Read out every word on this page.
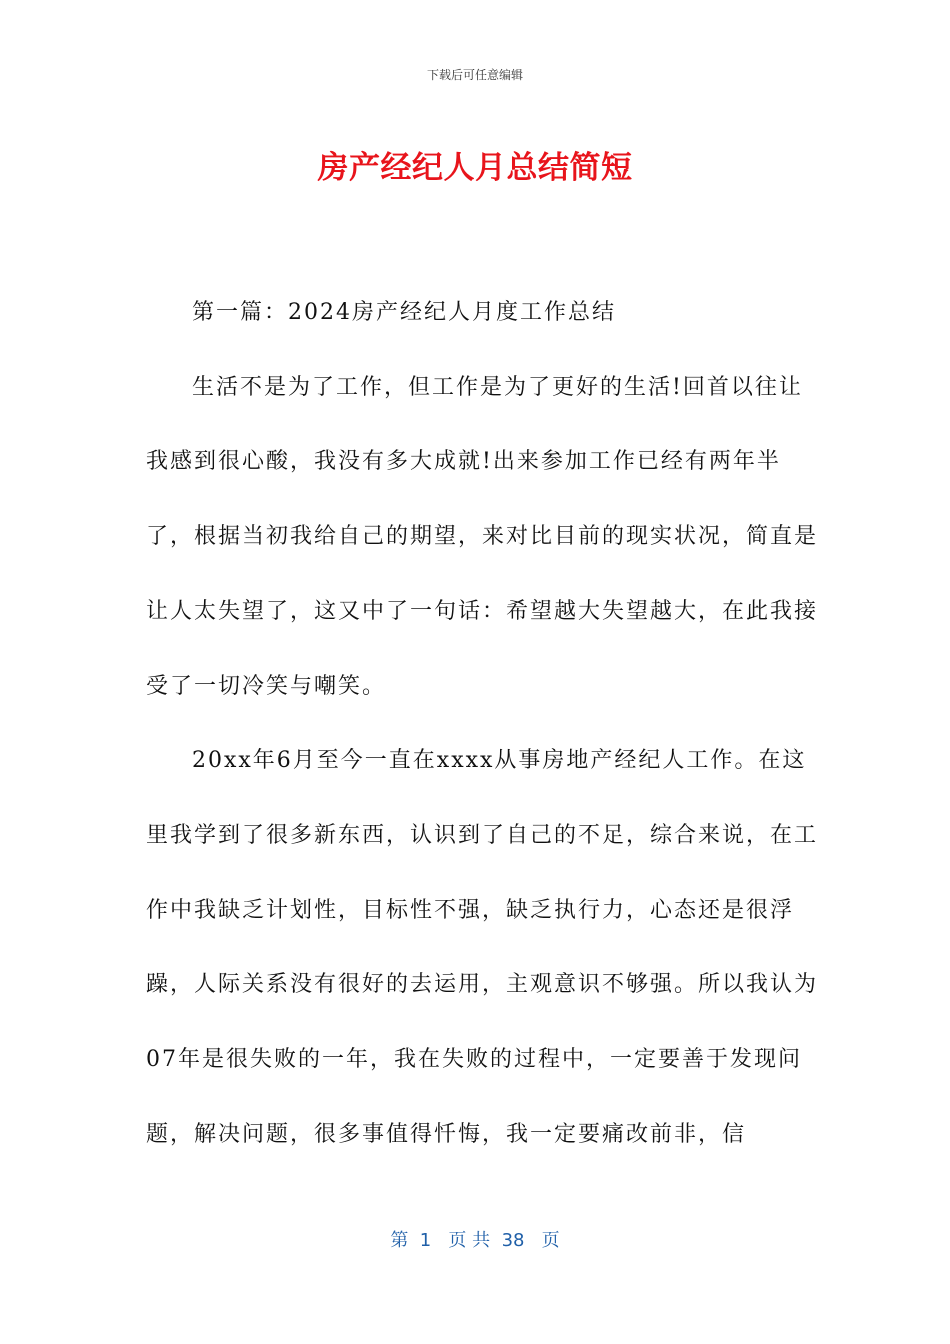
下载后可任意编辑
房产经纪人月总结简短

第一篇：2024房产经纪人月度工作总结

生活不是为了工作，但工作是为了更好的生活!回首以往让我感到很心酸，我没有多大成就!出来参加工作已经有两年半了，根据当初我给自己的期望，来对比目前的现实状况，简直是让人太失望了，这又中了一句话：希望越大失望越大，在此我接受了一切冷笑与嘲笑。

20xx年6月至今一直在xxxx从事房地产经纪人工作。在这里我学到了很多新东西，认识到了自己的不足，综合来说，在工作中我缺乏计划性，目标性不强，缺乏执行力，心态还是很浮躁，人际关系没有很好的去运用，主观意识不够强。所以我认为07年是很失败的一年，我在失败的过程中，一定要善于发现问题，解决问题，很多事值得忏悔，我一定要痛改前非，信

第  1   页 共  38   页
